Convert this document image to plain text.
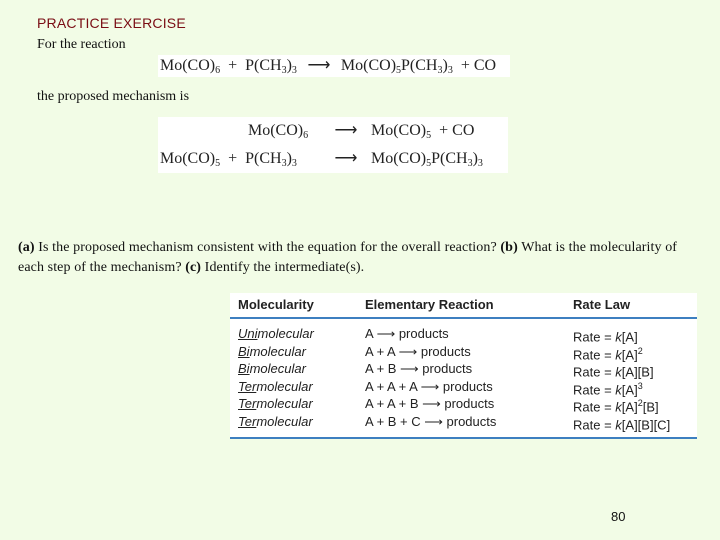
PRACTICE EXERCISE
For the reaction
$Mo(CO)_6 + P(CH_3)_3$ ⟶ $Mo(CO)_5P(CH_3)_3$ + CO
the proposed mechanism is
$Mo(CO)_6$	⟶ $Mo(CO)_5$ + CO
$Mo(CO)_5 + P(CH_3)_3$	⟶ $Mo(CO)_5P(CH_3)_3$
(a) Is the proposed mechanism consistent with the equation for the overall reaction? (b) What is the molecularity of each step of the mechanism? (c) Identify the intermediate(s).
Molecularity	Elementary Reaction	Rate Law
Unimolecular	A ⟶ products	Rate = k[A]
Bimolecular	A + A ⟶ products	Rate = $k[A]^2$
Bimolecular	A + B ⟶ products	Rate = k[A][B]
Termolecular	A + A + A ⟶ products	Rate = $k[A]^3$
Termolecular	A + A + B ⟶ products	Rate = $k[A]^2[B]$
Termolecular	A + B + C ⟶ products	Rate = k[A][B][C]
80
